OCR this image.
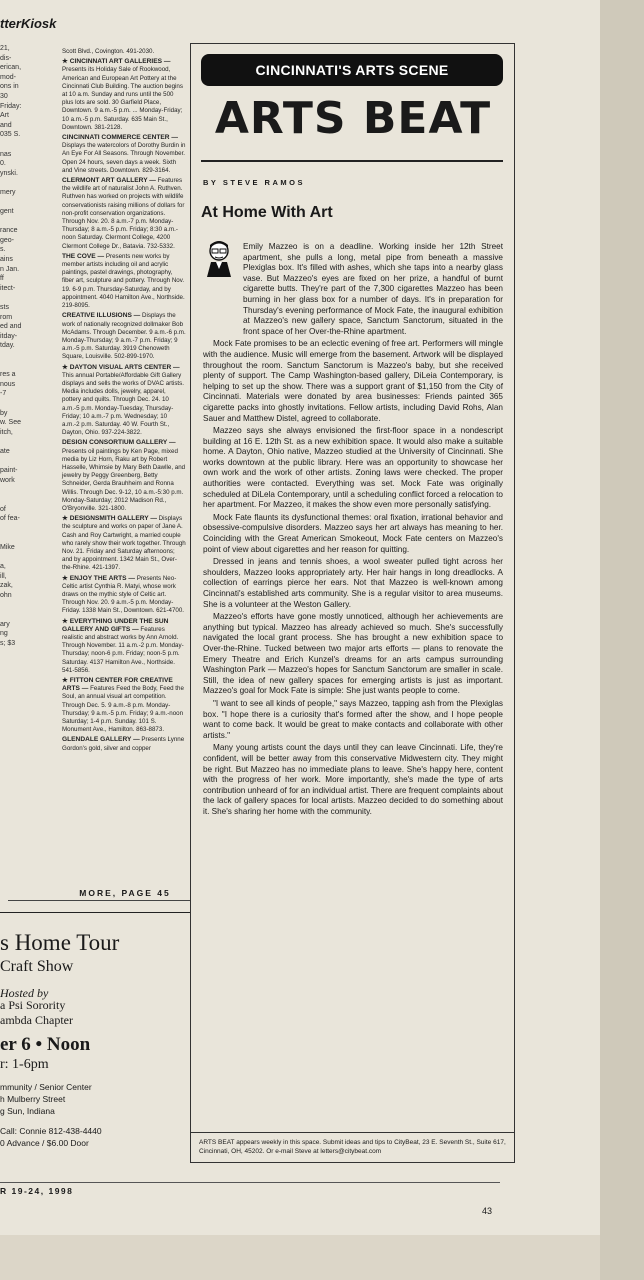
tterKiosk
21,
dis-
erican,
mod-
ons in
30
Friday:
Art
and
035 S.

nas
0.
ynski.

mery

gent

rance
geo-
s.
ains
n Jan.
ff
itect-

sts
rom
ed and
itday-
tday.

res a
nous
-7

by
w. See
itch,

ate

paint-
work

of
of fea-

Mike

a,
ill,
zak,
ohn

ary
ng
s; $3

Scott Blvd., Covington. 491-2030.

★ CINCINNATI ART GALLERIES — Presents its Holiday Sale of Rookwood, American and European Art Pottery at the Cincinnati Club Building. The auction begins at 10 a.m. Sunday and runs until the 500 plus lots are sold. 30 Garfield Place, Downtown. 9 a.m.-5 p.m. ... Monday-Friday; 10 a.m.-5 p.m. Saturday. 635 Main St., Downtown. 381-2128.

CINCINNATI COMMERCE CENTER — Displays the watercolors of Dorothy Burdin in An Eye For All Seasons. Through November. Open 24 hours, seven days a week. Sixth and Vine streets. Downtown. 829-3164.

CLERMONT ART GALLERY — Features the wildlife art of naturalist John A. Ruthven. Ruthven has worked on projects with wildlife conservationists raising millions of dollars for non-profit conservation organizations. Through Nov. 20. 8 a.m.-7 p.m. Monday-Thursday; 8 a.m.-5 p.m. Friday; 8:30 a.m.-noon Saturday. Clermont College, 4200 Clermont College Dr., Batavia. 732-5332.

THE COVE — Presents new works by member artists including oil and acrylic paintings, pastel drawings, photography, fiber art, sculpture and pottery. Through Nov. 19. 6-9 p.m. Thursday-Saturday, and by appointment. 4040 Hamilton Ave., Northside. 219-8095.

CREATIVE ILLUSIONS — Displays the work of nationally recognized dollmaker Bob McAdams. Through December. 9 a.m.-6 p.m. Monday-Thursday; 9 a.m.-7 p.m. Friday; 9 a.m.-5 p.m. Saturday. 3919 Chenoweth Square, Louisville. 502-899-1970.

★ DAYTON VISUAL ARTS CENTER — This annual Portable/Affordable Gift Gallery displays and sells the works of DVAC artists. Media includes dolls, jewelry, apparel, pottery and quilts. Through Dec. 24. 10 a.m.-5 p.m. Monday-Tuesday, Thursday-Friday; 10 a.m.-7 p.m. Wednesday; 10 a.m.-2 p.m. Saturday. 40 W. Fourth St., Dayton, Ohio. 937-224-3822.

DESIGN CONSORTIUM GALLERY — Presents oil paintings by Ken Page, mixed media by Liz Horn, Raku art by Robert Hasselle, Whimsie by Mary Beth Dawlle, and jewelry by Peggy Greenberg, Betty Schneider, Gerda Brauhheim and Ronna Willis. Through Dec. 9-12, 10 a.m.-5:30 p.m. Monday-Saturday; 2012 Madison Rd., O'Bryonville. 321-1800.

★ DESIGNSMITH GALLERY — Displays the sculpture and works on paper of Jane A. Cash and Roy Cartwright, a married couple who rarely show their work together. Through Nov. 21. Friday and Saturday afternoons; and by appointment. 1342 Main St., Over-the-Rhine. 421-1397.

★ ENJOY THE ARTS — Presents Neo-Celtic artist Cynthia R. Matyi, whose work draws on the mythic style of Celtic art. Through Nov. 20. 9 a.m.-5 p.m. Monday-Friday. 1338 Main St., Downtown. 621-4700.

★ EVERYTHING UNDER THE SUN GALLERY AND GIFTS — Features realistic and abstract works by Ann Arnold. Through November. 11 a.m.-2 p.m. Monday-Thursday; noon-6 p.m. Friday; noon-5 p.m. Saturday. 4137 Hamilton Ave., Northside. 541-5856.

★ FITTON CENTER FOR CREATIVE ARTS — Features Feed the Body, Feed the Soul, an annual visual art competition. Through Dec. 5. 9 a.m.-8 p.m. Monday-Thursday; 9 a.m.-5 p.m. Friday; 9 a.m.-noon Saturday; 1-4 p.m. Sunday. 101 S. Monument Ave., Hamilton. 863-8873.

GLENDALE GALLERY — Presents Lynne Gordon's gold, silver and copper

MORE, PAGE 45
s Home Tour
Craft Show
Hosted by
a Psi Sorority
ambda Chapter
er 6 • Noon
r: 1-6pm
mmunity / Senior Center
h Mulberry Street
g Sun, Indiana
Call: Connie 812-438-4440
0 Advance / $6.00 Door
R 19-24, 1998
43
CINCINNATI'S ARTS SCENE
ARTS BEAT
BY STEVE RAMOS
At Home With Art

Emily Mazzeo is on a deadline. Working inside her 12th Street apartment, she pulls a long, metal pipe from beneath a massive Plexiglas box. It's filled with ashes, which she taps into a nearby glass vase. But Mazzeo's eyes are fixed on her prize, a handful of burnt cigarette butts. They're part of the 7,300 cigarettes Mazzeo has been burning in her glass box for a number of days. It's in preparation for Thursday's evening performance of Mock Fate, the inaugural exhibition at Mazzeo's new gallery space, Sanctum Sanctorum, situated in the front space of her Over-the-Rhine apartment.

Mock Fate promises to be an eclectic evening of free art. Performers will mingle with the audience. Music will emerge from the basement. Artwork will be displayed throughout the room. Sanctum Sanctorum is Mazzeo's baby, but she received plenty of support. The Camp Washington-based gallery, DiLeia Contemporary, is helping to set up the show. There was a support grant of $1,150 from the City of Cincinnati. Materials were donated by area businesses: Friends painted 365 cigarette packs into ghostly invitations. Fellow artists, including David Rohs, Alan Sauer and Matthew Distel, agreed to collaborate.

Mazzeo says she always envisioned the first-floor space in a nondescript building at 16 E. 12th St. as a new exhibition space. It would also make a suitable home. A Dayton, Ohio native, Mazzeo studied at the University of Cincinnati. She works downtown at the public library. Here was an opportunity to showcase her own work and the work of other artists. Zoning laws were checked. The proper authorities were contacted. Everything was set. Mock Fate was originally scheduled at DiLela Contemporary, until a scheduling conflict forced a relocation to her apartment. For Mazzeo, it makes the show even more personally satisfying.

Mock Fate flaunts its dysfunctional themes: oral fixation, irrational behavior and obsessive-compulsive disorders. Mazzeo says her art always has meaning to her. Coinciding with the Great American Smokeout, Mock Fate centers on Mazzeo's point of view about cigarettes and her reason for quitting.

Dressed in jeans and tennis shoes, a wool sweater pulled tight across her shoulders, Mazzeo looks appropriately arty. Her hair hangs in long dreadlocks. A collection of earrings pierce her ears. Not that Mazzeo is well-known among Cincinnati's established arts community. She is a regular visitor to area museums. She is a volunteer at the Weston Gallery.

Mazzeo's efforts have gone mostly unnoticed, although her achievements are anything but typical. Mazzeo has already achieved so much. She's successfully navigated the local grant process. She has brought a new exhibition space to Over-the-Rhine. Tucked between two major arts efforts — plans to renovate the Emery Theatre and Erich Kunzel's dreams for an arts campus surrounding Washington Park — Mazzeo's hopes for Sanctum Sanctorum are smaller in scale. Still, the idea of new gallery spaces for emerging artists is just as important. Mazzeo's goal for Mock Fate is simple: She just wants people to come.

"I want to see all kinds of people," says Mazzeo, tapping ash from the Plexiglas box. "I hope there is a curiosity that's formed after the show, and I hope people want to come back. It would be great to make contacts and collaborate with other artists."

Many young artists count the days until they can leave Cincinnati. Life, they're confident, will be better away from this conservative Midwestern city. They might be right. But Mazzeo has no immediate plans to leave. She's happy here, content with the progress of her work. More importantly, she's made the type of arts contribution unheard of for an individual artist. There are frequent complaints about the lack of gallery spaces for local artists. Mazzeo decided to do something about it. She's sharing her home with the community.

ARTS BEAT appears weekly in this space. Submit ideas and tips to CityBeat, 23 E. Seventh St., Suite 617, Cincinnati, OH, 45202. Or e-mail Steve at letters@citybeat.com
